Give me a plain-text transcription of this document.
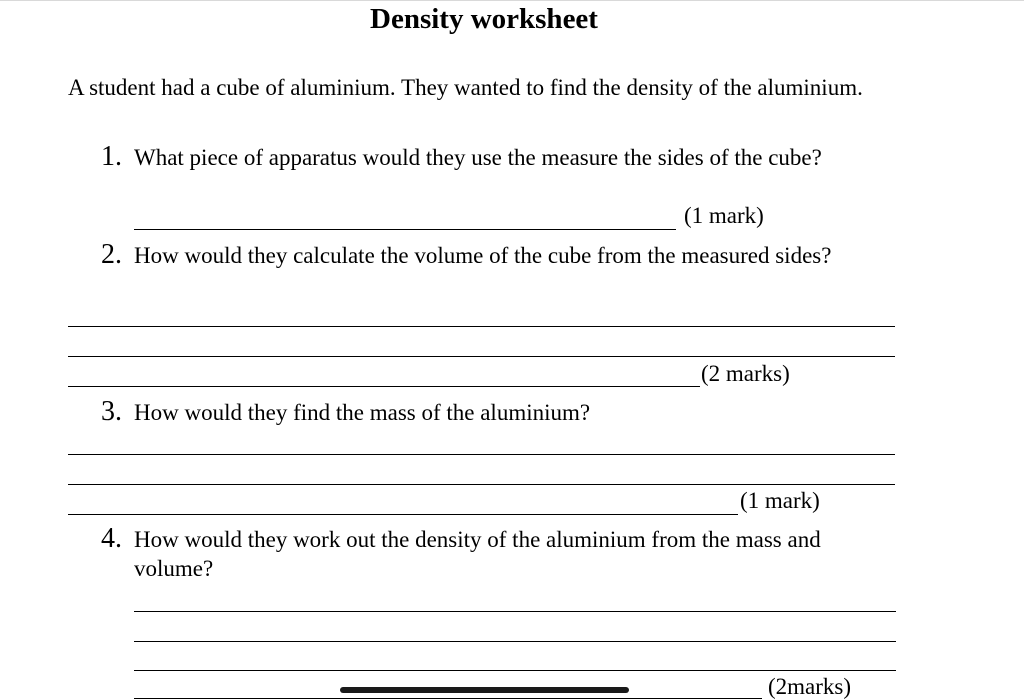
Density worksheet
A student had a cube of aluminium. They wanted to find the density of the aluminium.
1. What piece of apparatus would they use the measure the sides of the cube?
(1 mark)
2. How would they calculate the volume of the cube from the measured sides?
(2 marks)
3. How would they find the mass of the aluminium?
(1 mark)
4. How would they work out the density of the aluminium from the mass and volume?
(2marks)
